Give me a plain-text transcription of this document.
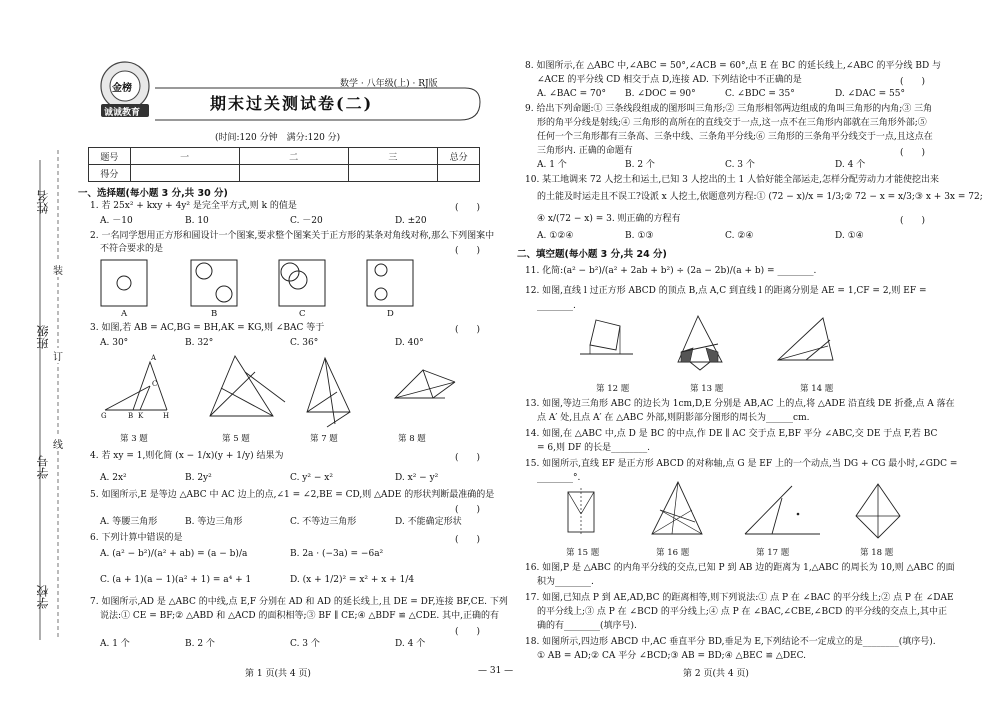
姓名
班级
学号
学校
装
订
线
金榜
诚诚教育
数学 · 八年级(上) · RJ版
期末过关测试卷(二)
(时间:120 分钟　满分:120 分)
题号	一	二	三	总分
得分				
一、选择题(每小题 3 分,共 30 分)
1. 若 25x² + kxy + 4y² 是完全平方式,则 k 的值是	(　　)
A. －10	B. 10	C. －20	D. ±20
2. 一名同学想用正方形和圆设计一个图案,要求整个图案关于正方形的某条对角线对称,那么下列图案中
不符合要求的是	(　　)
A	B	C	D
3. 如图,若 AB = AC,BG = BH,AK = KG,则 ∠BAC 等于	(　　)
A. 30°	B. 32°	C. 36°	D. 40°
A
C
B
G	K	H
第 3 题	第 5 题	第 7 题	第 8 题
4. 若 xy = 1,则化简 (x − 1/x)(y + 1/y) 结果为	(　　)
A. 2x²	B. 2y²	C. y² − x²	D. x² − y²
5. 如图所示,E 是等边 △ABC 中 AC 边上的点,∠1 = ∠2,BE = CD,则 △ADE 的形状判断最准确的是
(　　)
A. 等腰三角形	B. 等边三角形	C. 不等边三角形	D. 不能确定形状
6. 下列计算中错误的是	(　　)
A. (a² − b²)/(a² + ab) = (a − b)/a	B. 2a · (−3a) = −6a²
C. (a + 1)(a − 1)(a² + 1) = a⁴ + 1	D. (x + 1/2)² = x² + x + 1/4
7. 如图所示,AD 是 △ABC 的中线,点 E,F 分别在 AD 和 AD 的延长线上,且 DE = DF,连接 BF,CE. 下列
说法:① CE = BF;② △ABD 和 △ACD 的面积相等;③ BF ∥ CE;④ △BDF ≌ △CDE. 其中,正确的有
(　　)
A. 1 个	B. 2 个	C. 3 个	D. 4 个
8. 如图所示,在 △ABC 中,∠ABC = 50°,∠ACB = 60°,点 E 在 BC 的延长线上,∠ABC 的平分线 BD 与
∠ACE 的平分线 CD 相交于点 D,连接 AD. 下列结论中不正确的是	(　　)
A. ∠BAC = 70° B. ∠DOC = 90°	C. ∠BDC = 35°	D. ∠DAC = 55°
9. 给出下列命题:① 三条线段组成的图形叫三角形;② 三角形相邻两边组成的角叫三角形的内角;③ 三角
形的角平分线是射线;④ 三角形的高所在的直线交于一点,这一点不在三角形内部就在三角形外部;⑤
任何一个三角形都有三条高、三条中线、三条角平分线;⑥ 三角形的三条角平分线交于一点,且这点在
三角形内. 正确的命题有	(　　)
A. 1 个	B. 2 个	C. 3 个	D. 4 个
10. 某工地调来 72 人挖土和运土,已知 3 人挖出的土 1 人恰好能全部运走,怎样分配劳动力才能使挖出来
的土能及时运走且不误工?设派 x 人挖土,依题意列方程:① (72 − x)/x = 1/3;② 72 − x = x/3;③ x + 3x = 72;
④ x/(72 − x) = 3. 则正确的方程有	(　　)
A. ①②④	B. ①③	C. ②④	D. ①④
二、填空题(每小题 3 分,共 24 分)
11. 化简:(a² − b²)/(a² + 2ab + b²) ÷ (2a − 2b)/(a + b) = ________.
12. 如图,直线 l 过正方形 ABCD 的顶点 B,点 A,C 到直线 l 的距离分别是 AE = 1,CF = 2,则 EF =
________.
第 12 题	第 13 题	第 14 题
13. 如图,等边三角形 ABC 的边长为 1cm,D,E 分别是 AB,AC 上的点,将 △ADE 沿直线 DE 折叠,点 A 落在
点 A′ 处,且点 A′ 在 △ABC 外部,则阴影部分图形的周长为______cm.
14. 如图,在 △ABC 中,点 D 是 BC 的中点,作 DE ∥ AC 交于点 E,BF 平分 ∠ABC,交 DE 于点 F,若 BC
= 6,则 DF 的长是________.
15. 如图所示,直线 EF 是正方形 ABCD 的对称轴,点 G 是 EF 上的一个动点,当 DG + CG 最小时,∠GDC =
________°.
第 15 题	第 16 题	第 17 题	第 18 题
16. 如图,P 是 △ABC 的内角平分线的交点,已知 P 到 AB 边的距离为 1,△ABC 的周长为 10,则 △ABC 的面
积为________.
17. 如图,已知点 P 到 AE,AD,BC 的距离相等,则下列说法:① 点 P 在 ∠BAC 的平分线上;② 点 P 在 ∠DAE
的平分线上;③ 点 P 在 ∠BCD 的平分线上;④ 点 P 在 ∠BAC,∠CBE,∠BCD 的平分线的交点上,其中正
确的有________(填序号).
18. 如图所示,四边形 ABCD 中,AC 垂直平分 BD,垂足为 E,下列结论不一定成立的是________(填序号).
① AB = AD;② CA 平分 ∠BCD;③ AB = BD;④ △BEC ≌ △DEC.
第 1 页(共 4 页)	— 31 —	第 2 页(共 4 页)
